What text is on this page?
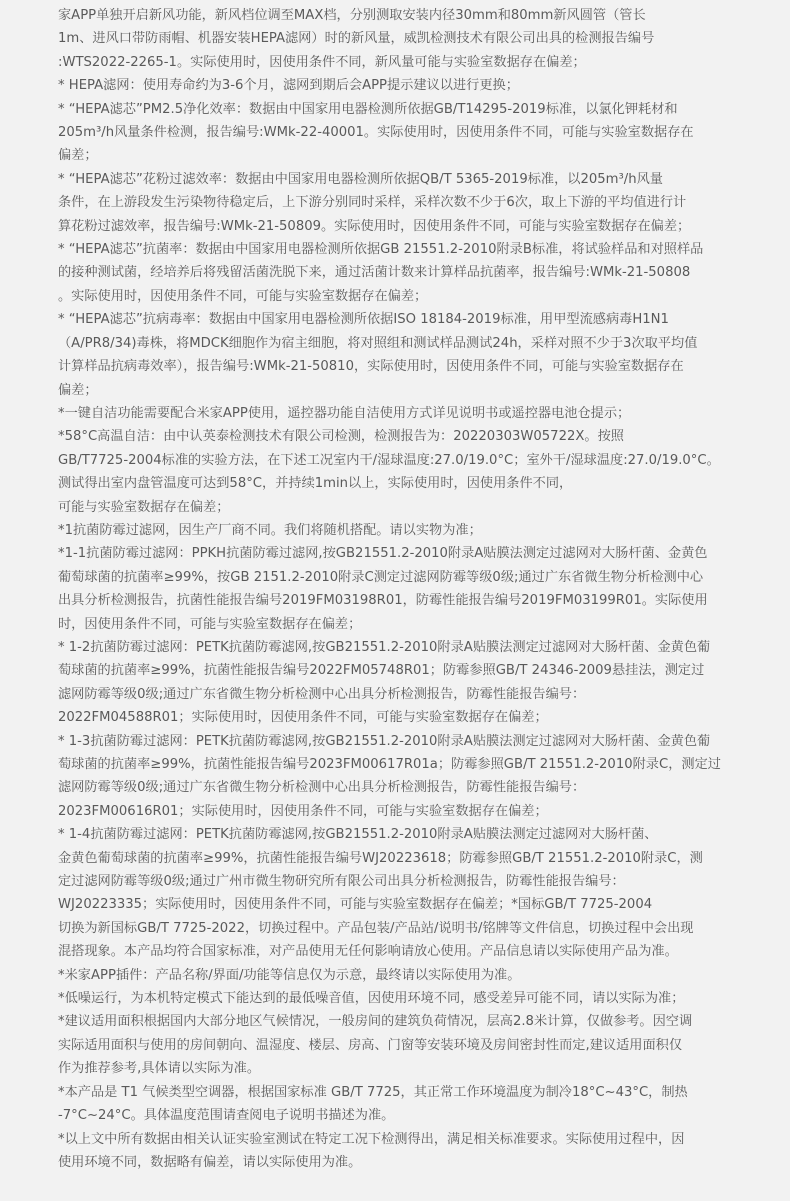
家APP单独开启新风功能，新风档位调至MAX档，分别测取安装内径30mm和80mm新风圆管（管长
1m、进风口带防雨帽、机器安装HEPA滤网）时的新风量，威凯检测技术有限公司出具的检测报告编号
:WTS2022-2265-1。实际使用时，因使用条件不同，新风量可能与实验室数据存在偏差；
* HEPA滤网：使用寿命约为3-6个月，滤网到期后会APP提示建议以进行更换；
* “HEPA滤芯”PM2.5净化效率：数据由中国家用电器检测所依据GB/T14295-2019标准，以氯化钾耗材和
205m³/h风量条件检测，报告编号:WMk-22-40001。实际使用时，因使用条件不同，可能与实验室数据存在
偏差；
* “HEPA滤芯”花粉过滤效率：数据由中国家用电器检测所依据QB/T 5365-2019标准，以205m³/h风量
条件，在上游段发生污染物待稳定后，上下游分别同时采样，采样次数不少于6次，取上下游的平均值进行计
算花粉过滤效率，报告编号:WMk-21-50809。实际使用时，因使用条件不同，可能与实验室数据存在偏差；
* “HEPA滤芯”抗菌率：数据由中国家用电器检测所依据GB 21551.2-2010附录B标准，将试验样品和对照样品
的接种测试菌，经培养后将残留活菌洗脱下来，通过活菌计数来计算样品抗菌率，报告编号:WMk-21-50808
。实际使用时，因使用条件不同，可能与实验室数据存在偏差；
* “HEPA滤芯”抗病毒率：数据由中国家用电器检测所依据ISO 18184-2019标准，用甲型流感病毒H1N1
（A/PR8/34)毒株，将MDCK细胞作为宿主细胞，将对照组和测试样品测试24h，采样对照不少于3次取平均值
计算样品抗病毒效率），报告编号:WMk-21-50810，实际使用时，因使用条件不同，可能与实验室数据存在
偏差；
*一键自洁功能需要配合米家APP使用，遥控器功能自洁使用方式详见说明书或遥控器电池仓提示；
*58°C高温自洁：由中认英泰检测技术有限公司检测，检测报告为：20220303W05722X。按照
GB/T7725-2004标准的实验方法，在下述工况室内干/湿球温度:27.0/19.0°C；室外干/湿球温度:27.0/19.0°C。
测试得出室内盘管温度可达到58°C，并持续1min以上，实际使用时，因使用条件不同，
可能与实验室数据存在偏差；
*1抗菌防霉过滤网，因生产厂商不同。我们将随机搭配。请以实物为准；
*1-1抗菌防霉过滤网：PPKH抗菌防霉过滤网,按GB21551.2-2010附录A贴膜法测定过滤网对大肠杆菌、金黄色
葡萄球菌的抗菌率≥99%，按GB 2151.2-2010附录C测定过滤网防霉等级0级;通过广东省微生物分析检测中心
出具分析检测报告，抗菌性能报告编号2019FM03198R01，防霉性能报告编号2019FM03199R01。实际使用
时，因使用条件不同，可能与实验室数据存在偏差；
* 1-2抗菌防霉过滤网：PETK抗菌防霉滤网,按GB21551.2-2010附录A贴膜法测定过滤网对大肠杆菌、金黄色葡
萄球菌的抗菌率≥99%，抗菌性能报告编号2022FM05748R01；防霉参照GB/T 24346-2009悬挂法，测定过
滤网防霉等级0级;通过广东省微生物分析检测中心出具分析检测报告，防霉性能报告编号：
2022FM04588R01；实际使用时，因使用条件不同，可能与实验室数据存在偏差；
* 1-3抗菌防霉过滤网：PETK抗菌防霉滤网,按GB21551.2-2010附录A贴膜法测定过滤网对大肠杆菌、金黄色葡
萄球菌的抗菌率≥99%，抗菌性能报告编号2023FM00617R01a；防霉参照GB/T 21551.2-2010附录C，测定过
滤网防霉等级0级;通过广东省微生物分析检测中心出具分析检测报告，防霉性能报告编号：
2023FM00616R01；实际使用时，因使用条件不同，可能与实验室数据存在偏差；
* 1-4抗菌防霉过滤网：PETK抗菌防霉滤网,按GB21551.2-2010附录A贴膜法测定过滤网对大肠杆菌、
金黄色葡萄球菌的抗菌率≥99%，抗菌性能报告编号WJ20223618；防霉参照GB/T 21551.2-2010附录C，测
定过滤网防霉等级0级;通过广州市微生物研究所有限公司出具分析检测报告，防霉性能报告编号：
WJ20223335；实际使用时，因使用条件不同，可能与实验室数据存在偏差；*国标GB/T 7725-2004
切换为新国标GB/T 7725-2022，切换过程中。产品包装/产品站/说明书/铭牌等文件信息，切换过程中会出现
混搭现象。本产品均符合国家标准，对产品使用无任何影响请放心使用。产品信息请以实际使用产品为准。
*米家APP插件：产品名称/界面/功能等信息仅为示意，最终请以实际使用为准。
*低噪运行，为本机特定模式下能达到的最低噪音值，因使用环境不同，感受差异可能不同，请以实际为准；
*建议适用面积根据国内大部分地区气候情况，一般房间的建筑负荷情况，层高2.8米计算，仅做参考。因空调
实际适用面积与使用的房间朝向、温湿度、楼层、房高、门窗等安装环境及房间密封性而定,建议适用面积仅
作为推荐参考,具体请以实际为准。
*本产品是 T1 气候类型空调器，根据国家标准 GB/T 7725，其正常工作环境温度为制冷18°C~43°C，制热
-7°C~24°C。具体温度范围请查阅电子说明书描述为准。
*以上文中所有数据由相关认证实验室测试在特定工况下检测得出，满足相关标准要求。实际使用过程中，因
使用环境不同，数据略有偏差，请以实际使用为准。
